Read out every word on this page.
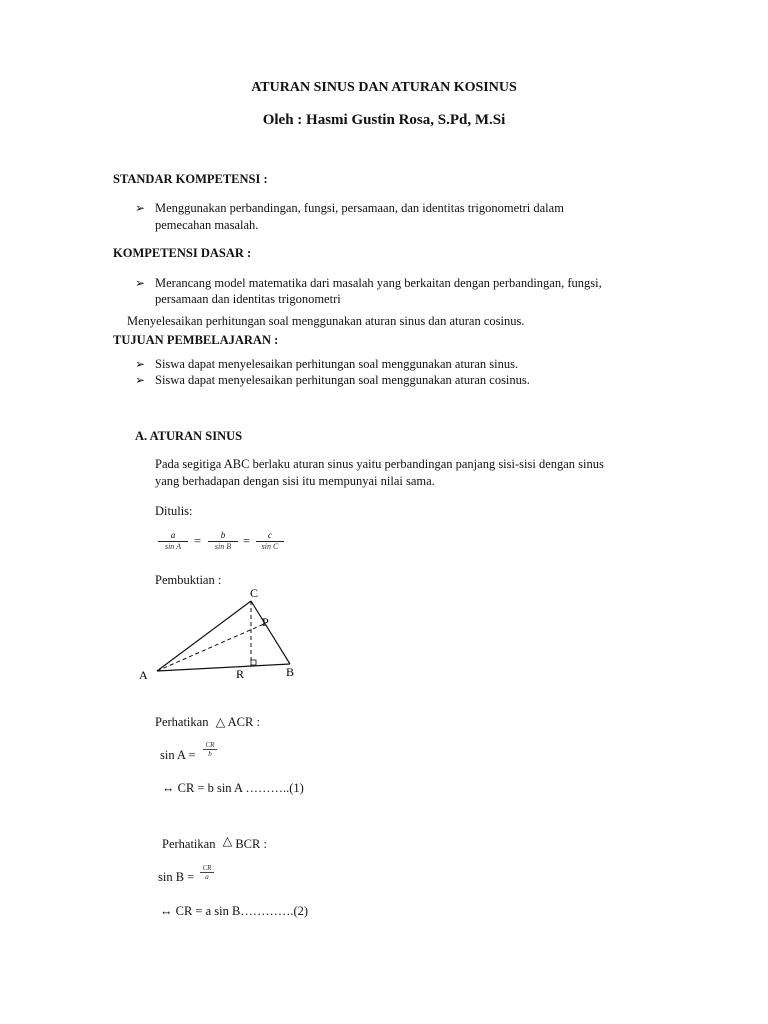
ATURAN SINUS DAN ATURAN KOSINUS
Oleh : Hasmi Gustin Rosa, S.Pd, M.Si
STANDAR KOMPETENSI :
➢ Menggunakan perbandingan, fungsi, persamaan, dan identitas trigonometri dalam
pemecahan masalah.
KOMPETENSI DASAR :
➢ Merancang model matematika dari masalah yang berkaitan dengan perbandingan, fungsi,
persamaan dan identitas trigonometri
Menyelesaikan perhitungan soal menggunakan aturan sinus dan aturan cosinus.
TUJUAN PEMBELAJARAN :
➢ Siswa dapat menyelesaikan perhitungan soal menggunakan aturan sinus.
➢ Siswa dapat menyelesaikan perhitungan soal menggunakan aturan cosinus.
A. ATURAN SINUS
Pada segitiga ABC berlaku aturan sinus yaitu perbandingan panjang sisi-sisi dengan sinus
yang berhadapan dengan sisi itu mempunyai nilai sama.
Ditulis:
a
sin A	=	b
sin B =	c
sin C
Pembuktian :
C
P
A	R	B
Perhatikan △ ACR :
sin A =
CR
b
↔ CR = b sin A ………..(1)
Perhatikan △ BCR :
sin B =
CR
a
↔ CR = a sin B………….(2)
